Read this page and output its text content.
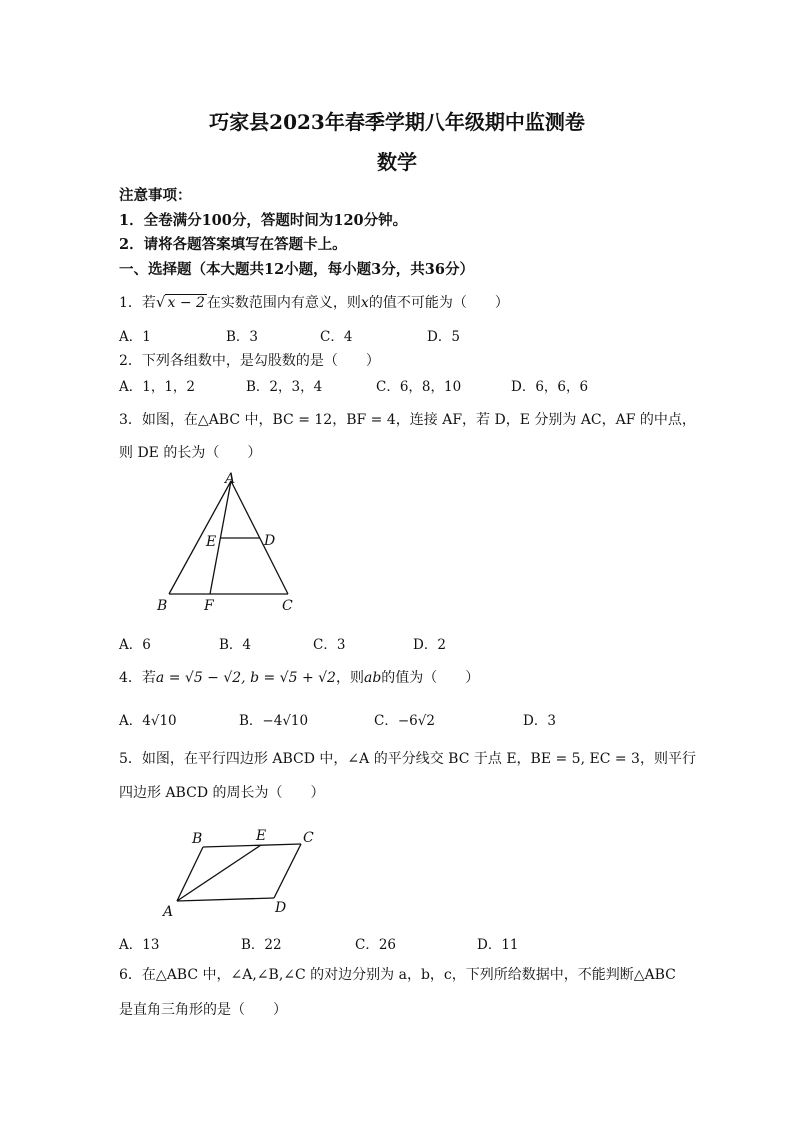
巧家县2023年春季学期八年级期中监测卷
数学
注意事项：
1．全卷满分100分，答题时间为120分钟。
2．请将各题答案填写在答题卡上。
一、选择题（本大题共12小题，每小题3分，共36分）
1．若√ x − 2 在实数范围内有意义，则x的值不可能为（　　）
A．1	B．3	C．4	D．5
2．下列各组数中，是勾股数的是（　　）
A．1，1，2	B．2，3，4	C．6，8，10	D．6，6，6
3．如图，在△ABC 中，BC = 12，BF = 4，连接 AF，若 D，E 分别为 AC，AF 的中点，
则 DE 的长为（　　）
A
E	D
B	F	C
A．6	B．4	C．3	D．2
4．若a = √5 − √2, b = √5 + √2，则ab的值为（　　）
A．4√10	B．−4√10	C．−6√2	D．3
5．如图，在平行四边形 ABCD 中，∠A 的平分线交 BC 于点 E，BE = 5, EC = 3，则平行
四边形 ABCD 的周长为（　　）
B	E	C
A	D
A．13	B．22	C．26	D．11
6．在△ABC 中，∠A,∠B,∠C 的对边分别为 a，b，c，下列所给数据中，不能判断△ABC
是直角三角形的是（　　）
